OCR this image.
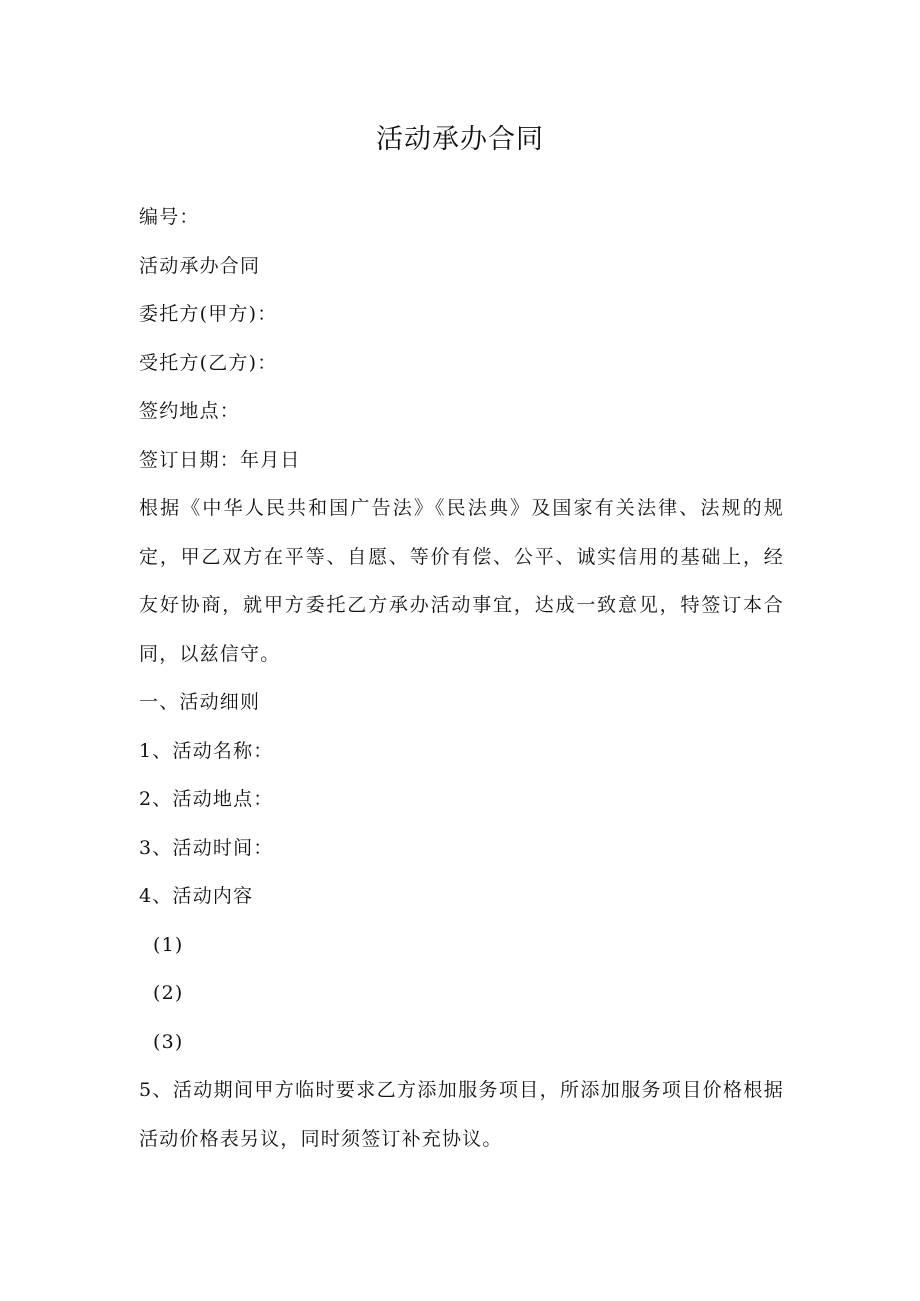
活动承办合同
编号：
活动承办合同
委托方(甲方)：
受托方(乙方)：
签约地点：
签订日期：年月日
根据《中华人民共和国广告法》《民法典》及国家有关法律、法规的规定，甲乙双方在平等、自愿、等价有偿、公平、诚实信用的基础上，经友好协商，就甲方委托乙方承办活动事宜，达成一致意见，特签订本合同，以兹信守。
一、活动细则
1、活动名称：
2、活动地点：
3、活动时间：
4、活动内容
(1)
(2)
(3)
5、活动期间甲方临时要求乙方添加服务项目，所添加服务项目价格根据活动价格表另议，同时须签订补充协议。
